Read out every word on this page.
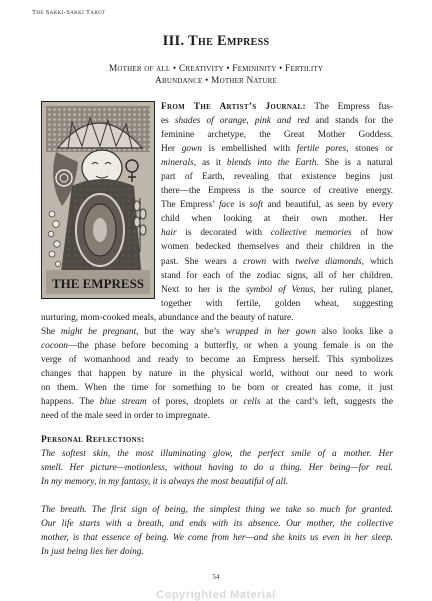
The Sakki-Sakki Tarot
III. The Empress
Mother of all • Creativity • Femininity • Fertility
Abundance • Mother Nature
THE EMPRESS
From The Artist’s Journal: The Empress fus-
es shades of orange, pink and red and stands for the
feminine archetype, the Great Mother Goddess.
Her gown is embellished with fertile pores, stones or
minerals, as it blends into the Earth. She is a natural
part of Earth, revealing that existence begins just
there—the Empress is the source of creative energy.
The Empress’ face is soft and beautiful, as seen by every
child when looking at their own mother. Her
hair is decorated with collective memories of how
women bedecked themselves and their children in the
past. She wears a crown with twelve diamonds, which
stand for each of the zodiac signs, all of her children.
Next to her is the symbol of Venus, her ruling planet,
together with fertile, golden wheat, suggesting
nurturing, mom-cooked meals, abundance and the beauty of nature.
She might be pregnant, but the way she’s wrapped in her gown also looks like a
cocoon—the phase before becoming a butterfly, or when a young female is on the
verge of womanhood and ready to become an Empress herself. This symbolizes
changes that happen by nature in the physical world, without our need to work
on them. When the time for something to be born or created has come, it just
happens. The blue stream of pores, droplets or cells at the card’s left, suggests the
need of the male seed in order to impregnate.
Personal Reflections:
The softest skin, the most illuminating glow, the perfect smile of a mother. Her
smell. Her picture—motionless, without having to do a thing. Her being—for real.
In my memory, in my fantasy, it is always the most beautiful of all.
The breath. The first sign of being, the simplest thing we take so much for granted.
Our life starts with a breath, and ends with its absence. Our mother, the collective
mother, is that essence of being. We come from her—and she knits us even in her sleep.
In just being lies her doing.
54
Copyrighted Material
